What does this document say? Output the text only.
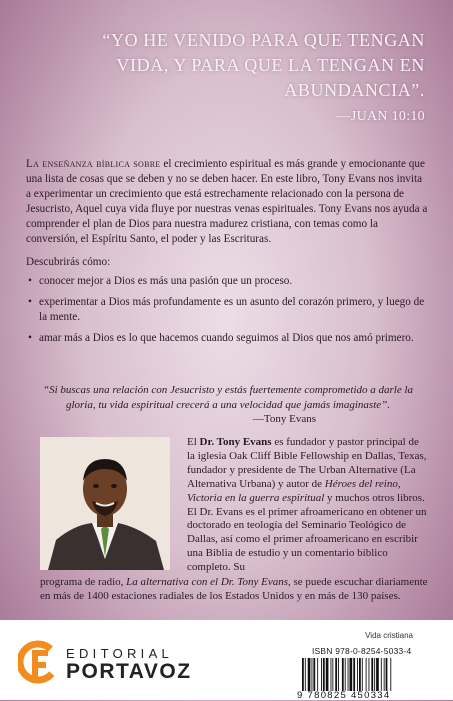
“YO HE VENIDO PARA QUE TENGAN
VIDA, Y PARA QUE LA TENGAN EN
ABUNDANCIA”.
—JUAN 10:10

La enseñanza bíblica sobre el crecimiento espiritual es más grande y emocionante que una lista de cosas que se deben y no se deben hacer. En este libro, Tony Evans nos invita a experimentar un crecimiento que está estrechamente relacionado con la persona de Jesucristo, Aquel cuya vida fluye por nuestras venas espirituales. Tony Evans nos ayuda a comprender el plan de Dios para nuestra madurez cristiana, con temas como la conversión, el Espíritu Santo, el poder y las Escrituras.

Descubrirás cómo:

• conocer mejor a Dios es más una pasión que un proceso.
• experimentar a Dios más profundamente es un asunto del corazón primero, y luego de la mente.
• amar más a Dios es lo que hacemos cuando seguimos al Dios que nos amó primero.
“Si buscas una relación con Jesucristo y estás fuertemente comprometido a darle la gloria, tu vida espiritual crecerá a una velocidad que jamás imaginaste”.
—Tony Evans
El Dr. Tony Evans es fundador y pastor principal de la iglesia Oak Cliff Bible Fellowship en Dallas, Texas, fundador y presidente de The Urban Alternative (La Alternativa Urbana) y autor de Héroes del reino, Victoria en la guerra espiritual y muchos otros libros. El Dr. Evans es el primer afroamericano en obtener un doctorado en teología del Seminario Teológico de Dallas, así como el primer afroamericano en escribir una Biblia de estudio y un comentario bíblico completo. Su
programa de radio, La alternativa con el Dr. Tony Evans, se puede escuchar diariamente en más de 1400 estaciones radiales de los Estados Unidos y en más de 130 países.
EDITORIAL
PORTAVOZ
Vida cristiana
ISBN 978-0-8254-5033-4
9 780825 450334
